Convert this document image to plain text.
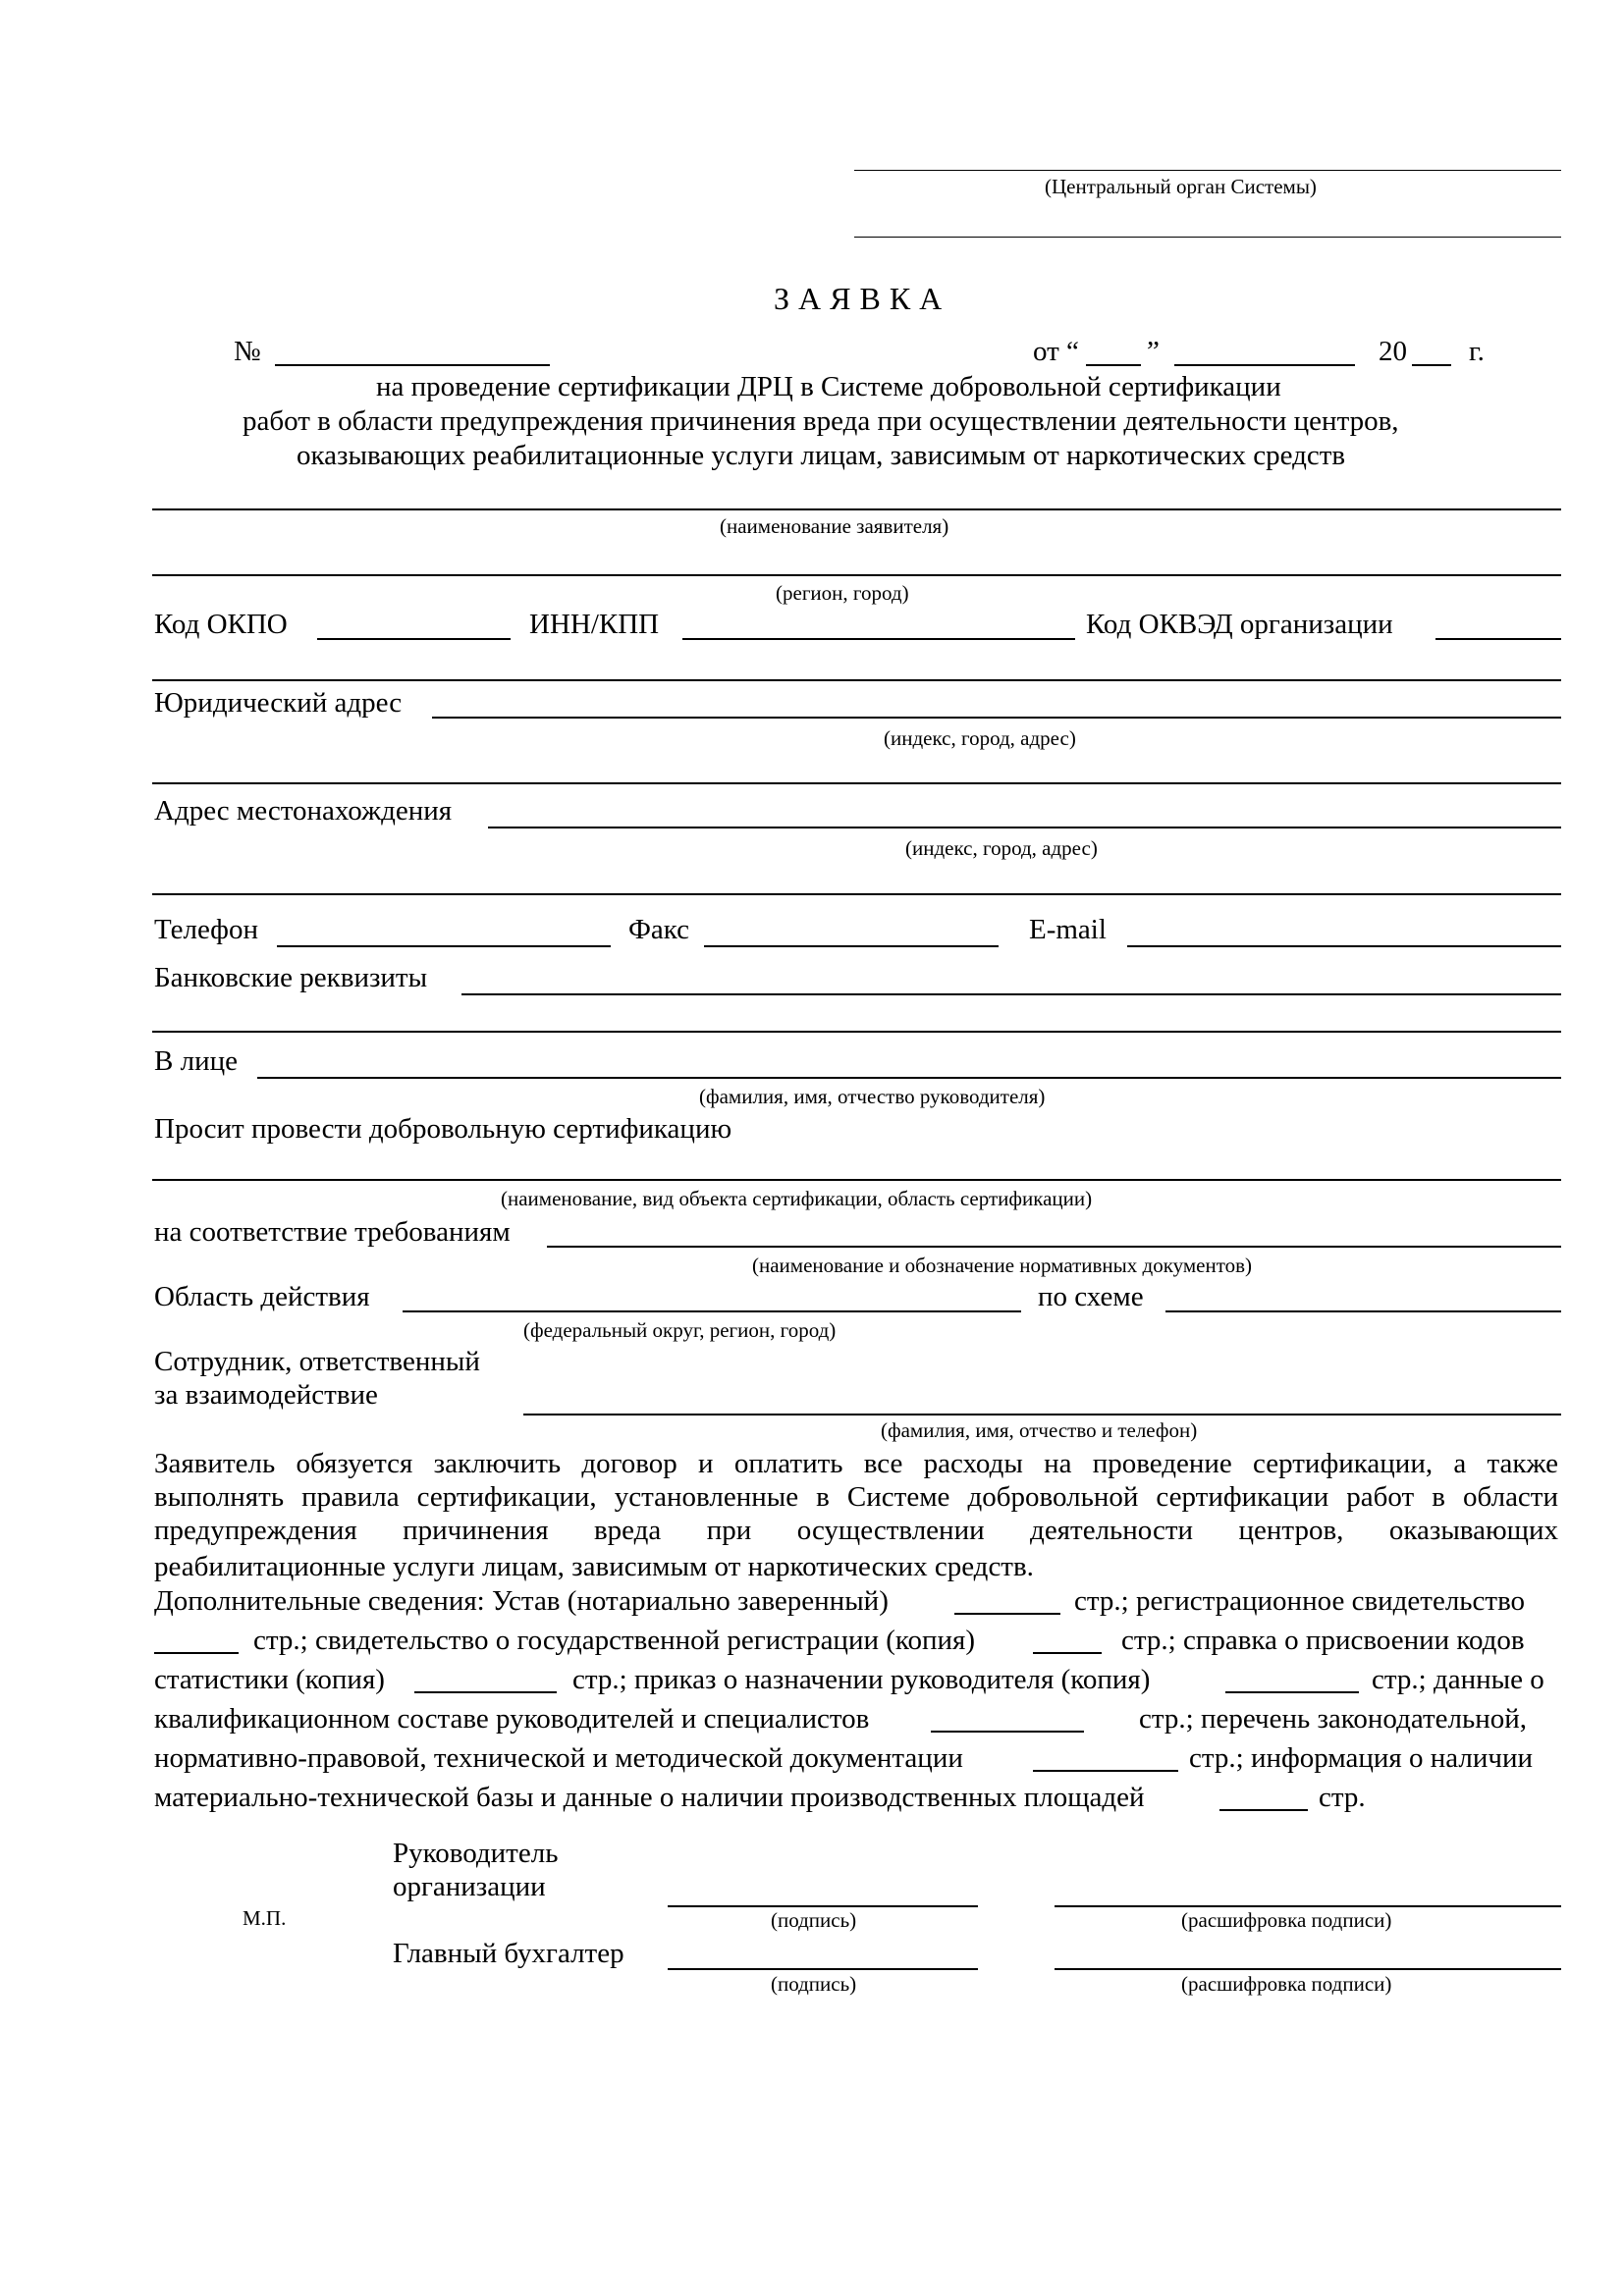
(Центральный орган Системы)
ЗАЯВКА
№	от “ ”	20 г.
на проведение сертификации ДРЦ в Системе добровольной сертификации
работ в области предупреждения причинения вреда при осуществлении деятельности центров,
оказывающих реабилитационные услуги лицам, зависимым от наркотических средств
(наименование заявителя)
(регион, город)
Код ОКПО	ИНН/КПП	Код ОКВЭД организации
Юридический адрес
(индекс, город, адрес)
Адрес местонахождения
(индекс, город, адрес)
Телефон	Факс	E-mail
Банковские реквизиты
В лице
(фамилия, имя, отчество руководителя)
Просит провести добровольную сертификацию
(наименование, вид объекта сертификации, область сертификации)
на соответствие требованиям
(наименование и обозначение нормативных документов)
Область действия	по схеме
(федеральный округ, регион, город)
Сотрудник, ответственный
за взаимодействие
(фамилия, имя, отчество и телефон)
Заявитель обязуется заключить договор и оплатить все расходы на проведение сертификации, а также
выполнять правила сертификации, установленные в Системе добровольной сертификации работ в области
предупреждения причинения вреда при осуществлении деятельности центров, оказывающих
реабилитационные услуги лицам, зависимым от наркотических средств.
Дополнительные сведения: Устав (нотариально заверенный)	стр.; регистрационное свидетельство
стр.; свидетельство о государственной регистрации (копия)	стр.; справка о присвоении кодов
статистики (копия)	стр.; приказ о назначении руководителя (копия)	стр.; данные о
квалификационном составе руководителей и специалистов	стр.; перечень законодательной,
нормативно-правовой, технической и методической документации	стр.; информация о наличии
материально-технической базы и данные о наличии производственных площадей	стр.
Руководитель
организации
М.П.	(подпись)	(расшифровка подписи)
Главный бухгалтер
(подпись)	(расшифровка подписи)
